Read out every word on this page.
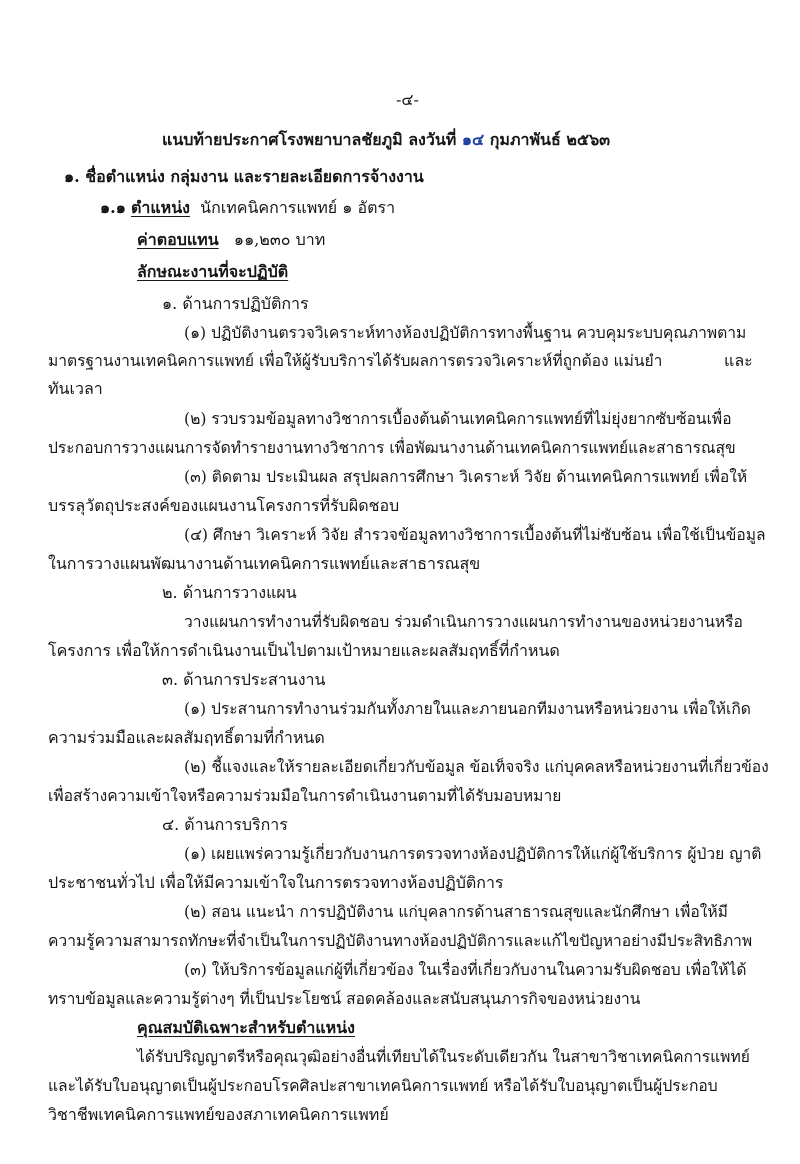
-๔-
แนบท้ายประกาศโรงพยาบาลชัยภูมิ ลงวันที่ ๑๔ กุมภาพันธ์ ๒๕๖๓
๑. ชื่อตำแหน่ง กลุ่มงาน และรายละเอียดการจ้างงาน
๑.๑ ตำแหน่ง นักเทคนิคการแพทย์ ๑ อัตรา
ค่าตอบแทน ๑๑,๒๓๐ บาท
ลักษณะงานที่จะปฏิบัติ
๑. ด้านการปฏิบัติการ
(๑) ปฏิบัติงานตรวจวิเคราะห์ทางห้องปฏิบัติการทางพื้นฐาน ควบคุมระบบคุณภาพตาม
มาตรฐานงานเทคนิคการแพทย์ เพื่อให้ผู้รับบริการได้รับผลการตรวจวิเคราะห์ที่ถูกต้อง แม่นยำ	และ
ทันเวลา
(๒) รวบรวมข้อมูลทางวิชาการเบื้องต้นด้านเทคนิคการแพทย์ที่ไม่ยุ่งยากซับซ้อนเพื่อ
ประกอบการวางแผนการจัดทำรายงานทางวิชาการ เพื่อพัฒนางานด้านเทคนิคการแพทย์และสาธารณสุข
(๓) ติดตาม ประเมินผล สรุปผลการศึกษา วิเคราะห์ วิจัย ด้านเทคนิคการแพทย์ เพื่อให้
บรรลุวัตถุประสงค์ของแผนงานโครงการที่รับผิดชอบ
(๔) ศึกษา วิเคราะห์ วิจัย สำรวจข้อมูลทางวิชาการเบื้องต้นที่ไม่ซับซ้อน เพื่อใช้เป็นข้อมูล
ในการวางแผนพัฒนางานด้านเทคนิคการแพทย์และสาธารณสุข
๒. ด้านการวางแผน
วางแผนการทำงานที่รับผิดชอบ ร่วมดำเนินการวางแผนการทำงานของหน่วยงานหรือ
โครงการ เพื่อให้การดำเนินงานเป็นไปตามเป้าหมายและผลสัมฤทธิ์ที่กำหนด
๓. ด้านการประสานงาน
(๑) ประสานการทำงานร่วมกันทั้งภายในและภายนอกทีมงานหรือหน่วยงาน เพื่อให้เกิด
ความร่วมมือและผลสัมฤทธิ์ตามที่กำหนด
(๒) ชี้แจงและให้รายละเอียดเกี่ยวกับข้อมูล ข้อเท็จจริง แก่บุคคลหรือหน่วยงานที่เกี่ยวข้อง
เพื่อสร้างความเข้าใจหรือความร่วมมือในการดำเนินงานตามที่ได้รับมอบหมาย
๔. ด้านการบริการ
(๑) เผยแพร่ความรู้เกี่ยวกับงานการตรวจทางห้องปฏิบัติการให้แก่ผู้ใช้บริการ ผู้ป่วย ญาติ
ประชาชนทั่วไป เพื่อให้มีความเข้าใจในการตรวจทางห้องปฏิบัติการ
(๒) สอน แนะนำ การปฏิบัติงาน แก่บุคลากรด้านสาธารณสุขและนักศึกษา เพื่อให้มี
ความรู้ความสามารถทักษะที่จำเป็นในการปฏิบัติงานทางห้องปฏิบัติการและแก้ไขปัญหาอย่างมีประสิทธิภาพ
(๓) ให้บริการข้อมูลแก่ผู้ที่เกี่ยวข้อง ในเรื่องที่เกี่ยวกับงานในความรับผิดชอบ เพื่อให้ได้
ทราบข้อมูลและความรู้ต่างๆ ที่เป็นประโยชน์ สอดคล้องและสนับสนุนภารกิจของหน่วยงาน
คุณสมบัติเฉพาะสำหรับตำแหน่ง
ได้รับปริญญาตรีหรือคุณวุฒิอย่างอื่นที่เทียบได้ในระดับเดียวกัน ในสาขาวิชาเทคนิคการแพทย์
และได้รับใบอนุญาตเป็นผู้ประกอบโรคศิลปะสาขาเทคนิคการแพทย์ หรือได้รับใบอนุญาตเป็นผู้ประกอบ
วิชาชีพเทคนิคการแพทย์ของสภาเทคนิคการแพทย์
